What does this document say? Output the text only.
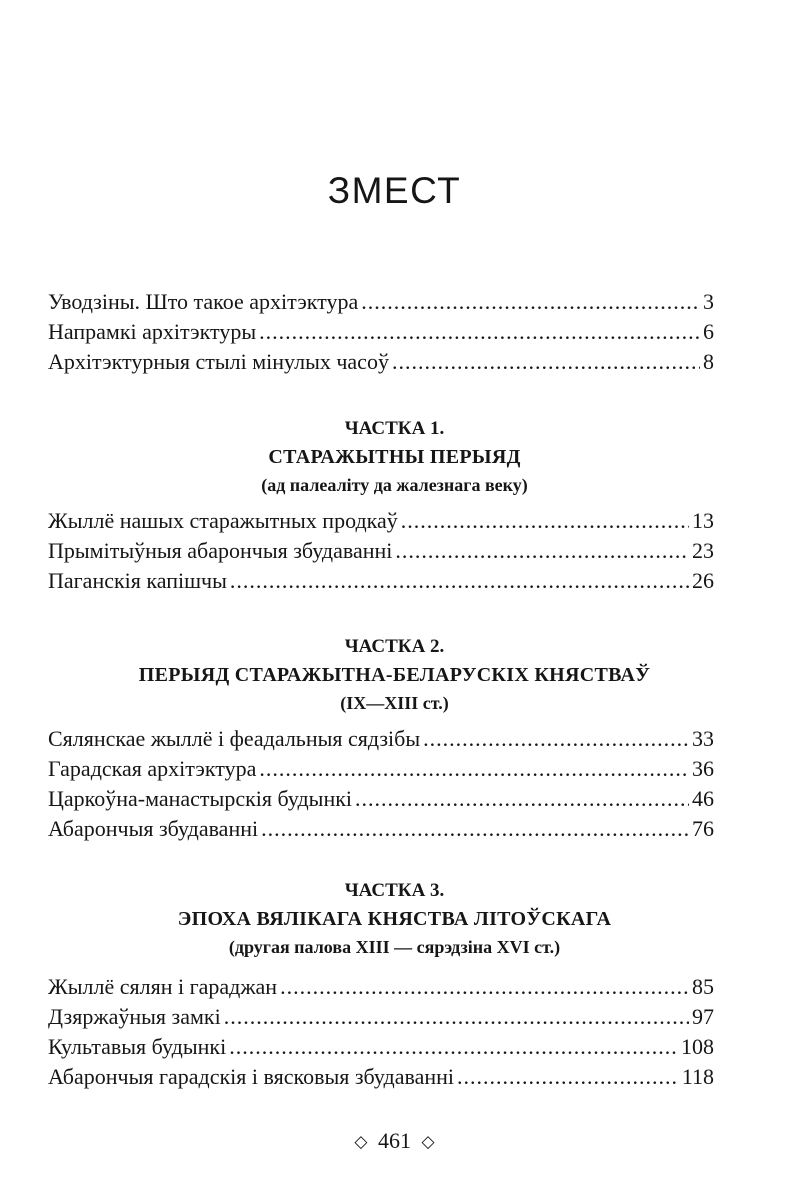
ЗМЕСТ
Уводзіны. Што такое архітэктура .....	3
Напрамкі архітэктуры .....	6
Архітэктурныя стылі мінулых часоў .....	8
ЧАСТКА 1.
СТАРАЖЫТНЫ ПЕРЫЯД
(ад палеаліту да жалезнага веку)
Жыллё нашых старажытных продкаў .....	13
Прымітыўныя абарончыя збудаванні .....	23
Паганскія капішчы .....	26
ЧАСТКА 2.
ПЕРЫЯД СТАРАЖЫТНА-БЕЛАРУСКІХ КНЯСТВАЎ
(IX—XIII ст.)
Сялянскае жыллё і феадальныя сядзібы .....	33
Гарадская архітэктура .....	36
Царкоўна-манастырскія будынкі .....	46
Абарончыя збудаванні .....	76
ЧАСТКА 3.
ЭПОХА ВЯЛІКАГА КНЯСТВА ЛІТОЎСКАГА
(другая палова XIII — сярэдзіна XVI ст.)
Жыллё сялян і гараджан .....	85
Дзяржаўныя замкі .....	97
Культавыя будынкі .....	108
Абарончыя гарадскія і вясковыя збудаванні .....	118
◇ 461 ◇
